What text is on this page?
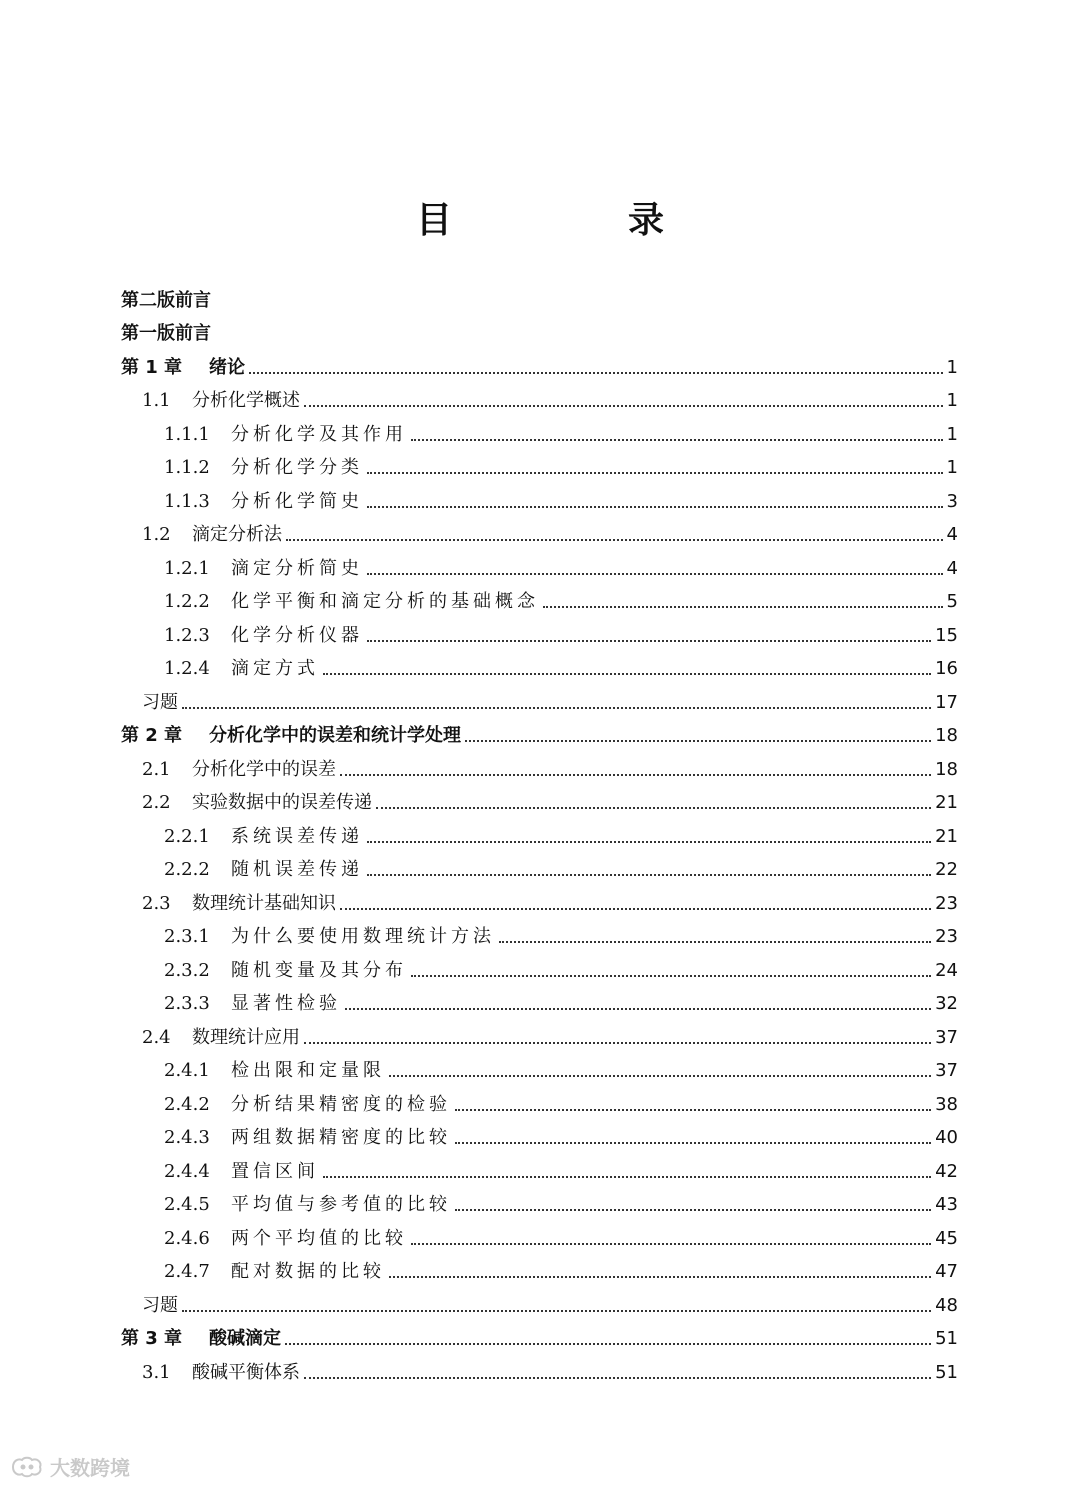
目　录
第二版前言
第一版前言
第 1 章	绪论	1
1.1	分析化学概述	1
1.1.1	分析化学及其作用	1
1.1.2	分析化学分类	1
1.1.3	分析化学简史	3
1.2	滴定分析法	4
1.2.1	滴定分析简史	4
1.2.2	化学平衡和滴定分析的基础概念	5
1.2.3	化学分析仪器	15
1.2.4	滴定方式	16
习题	17
第 2 章	分析化学中的误差和统计学处理	18
2.1	分析化学中的误差	18
2.2	实验数据中的误差传递	21
2.2.1	系统误差传递	21
2.2.2	随机误差传递	22
2.3	数理统计基础知识	23
2.3.1	为什么要使用数理统计方法	23
2.3.2	随机变量及其分布	24
2.3.3	显著性检验	32
2.4	数理统计应用	37
2.4.1	检出限和定量限	37
2.4.2	分析结果精密度的检验	38
2.4.3	两组数据精密度的比较	40
2.4.4	置信区间	42
2.4.5	平均值与参考值的比较	43
2.4.6	两个平均值的比较	45
2.4.7	配对数据的比较	47
习题	48
第 3 章	酸碱滴定	51
3.1	酸碱平衡体系	51
大数跨境
